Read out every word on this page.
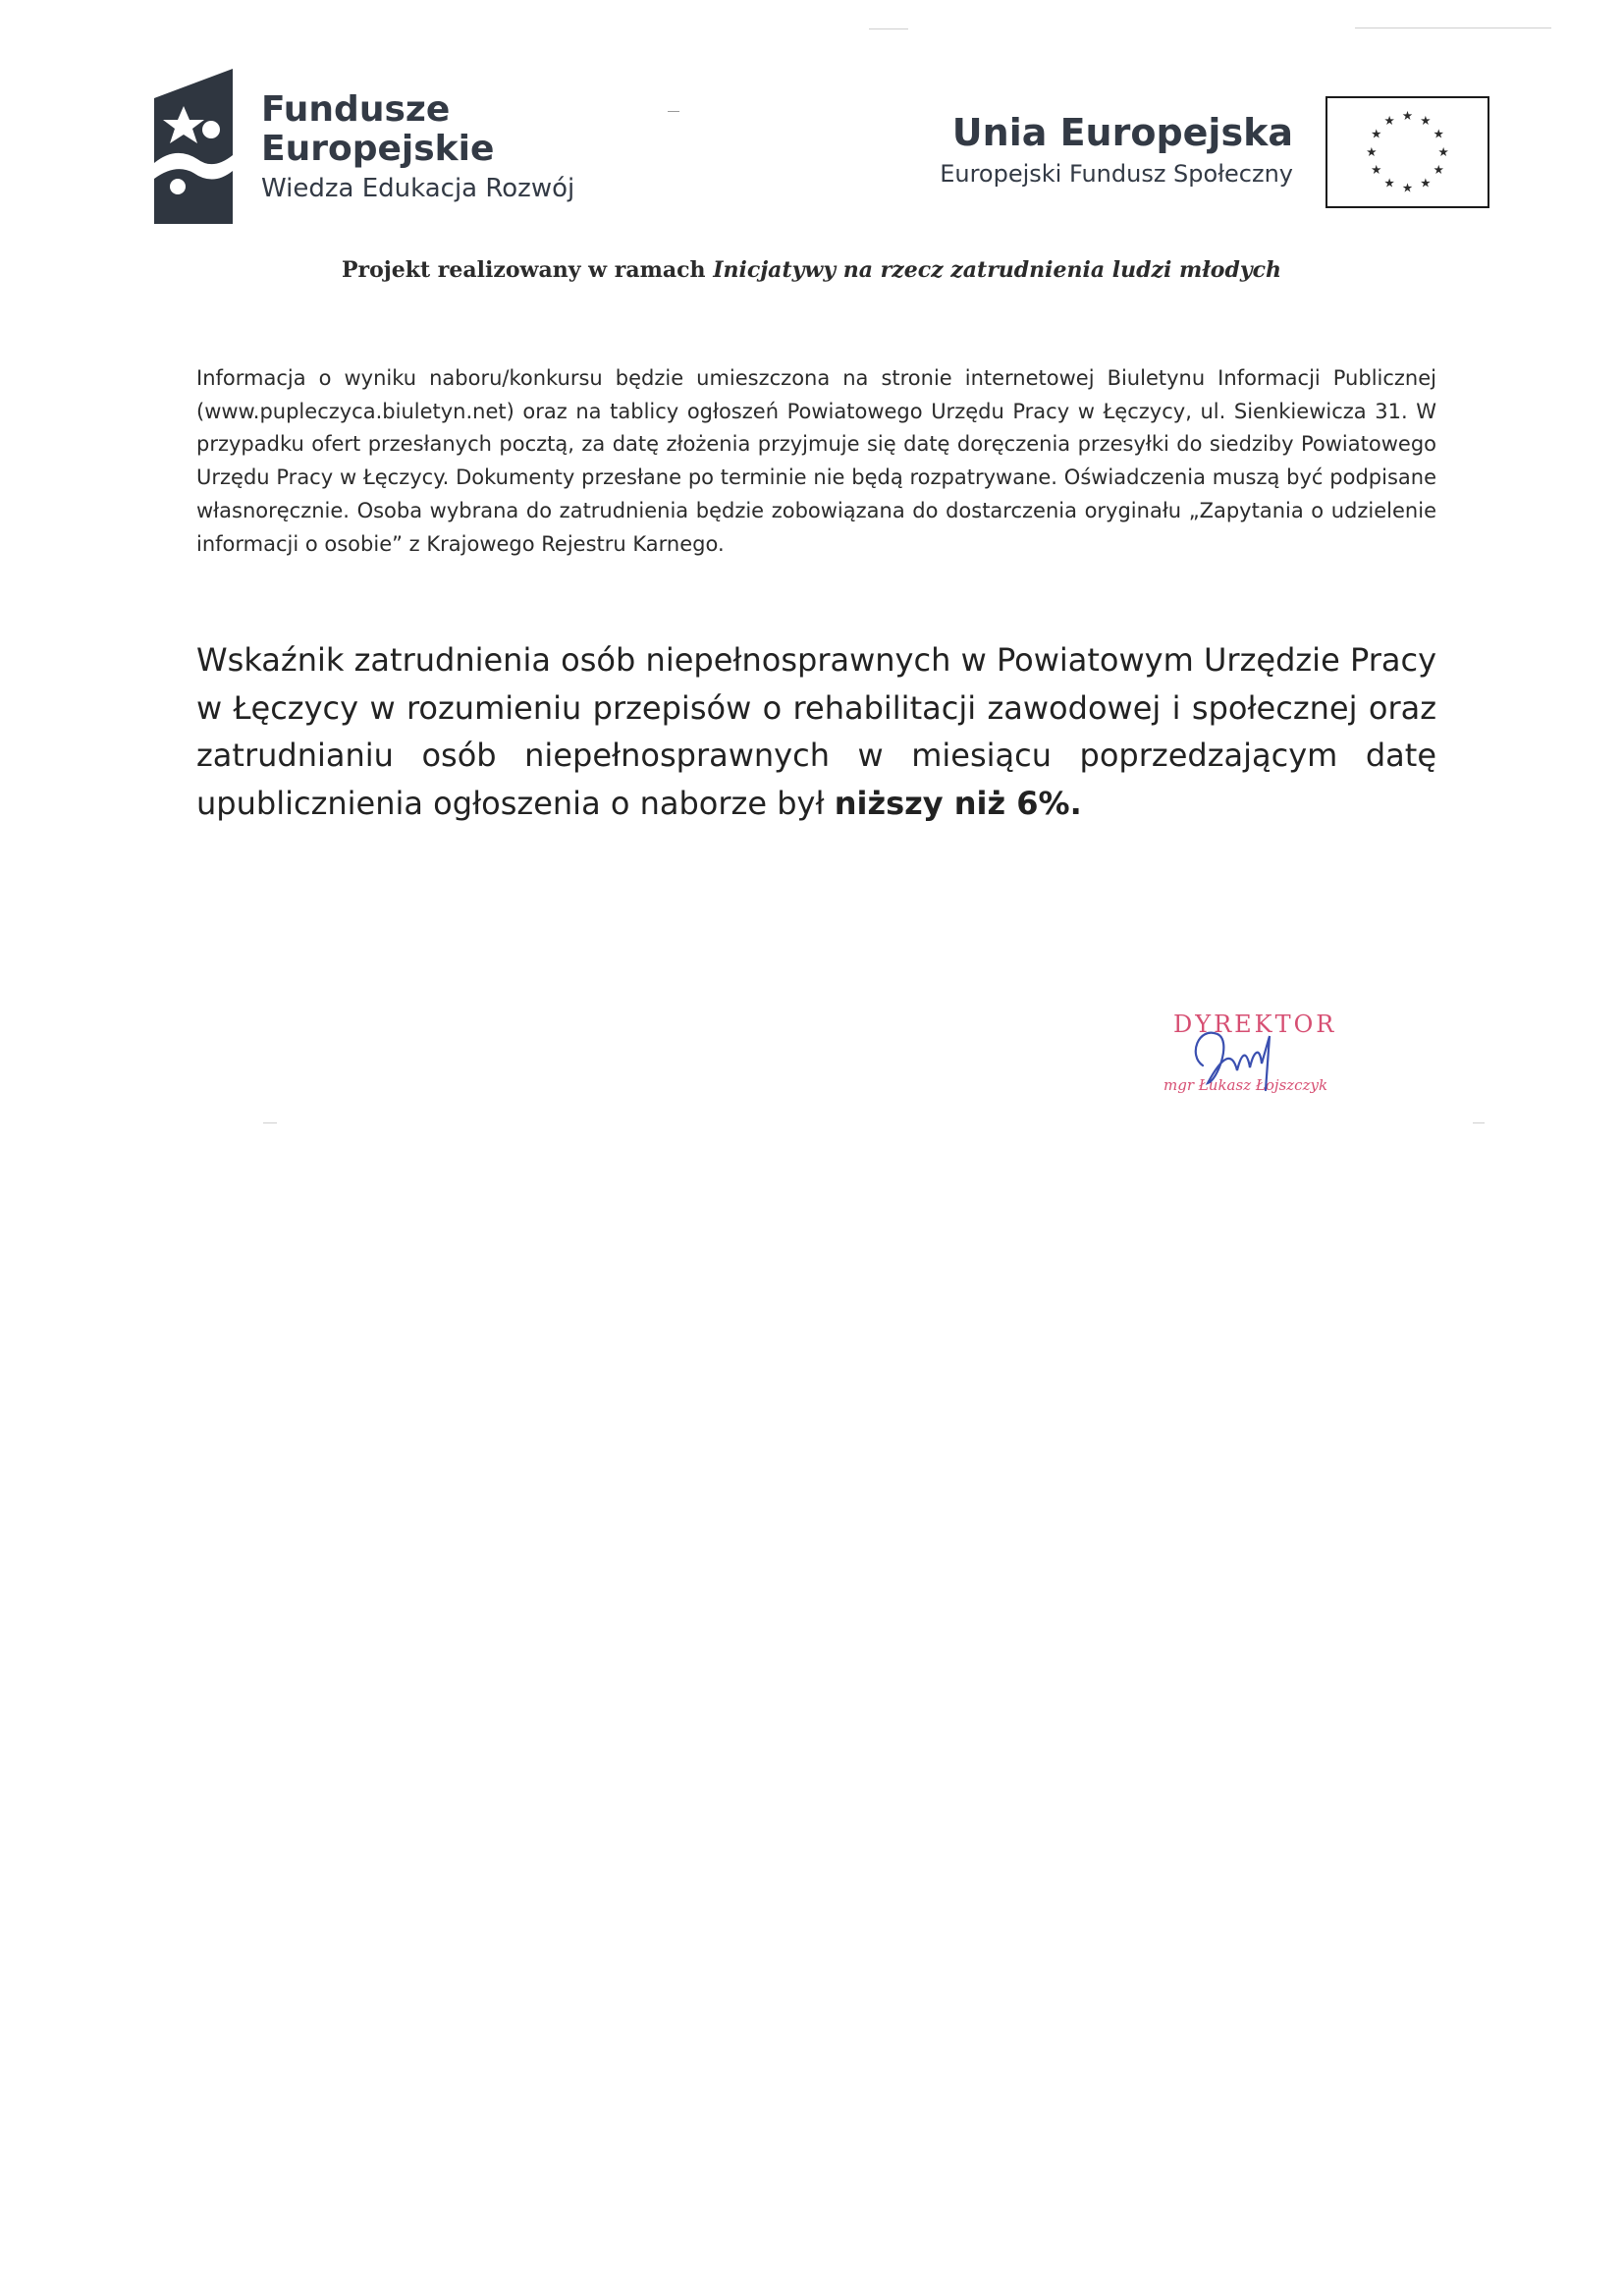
Fundusze
Europejskie
Wiedza Edukacja Rozwój
Unia Europejska
Europejski Fundusz Społeczny
★ ★
★
★
★
★
★
★
★
★
★
★
Projekt realizowany w ramach Inicjatywy na rzecz zatrudnienia ludzi młodych

Informacja o wyniku naboru/konkursu będzie umieszczona na stronie internetowej Biuletynu Informacji Publicznej (www.pupleczyca.biuletyn.net) oraz na tablicy ogłoszeń Powiatowego Urzędu Pracy w Łęczycy, ul. Sienkiewicza 31. W przypadku ofert przesłanych pocztą, za datę złożenia przyjmuje się datę doręczenia przesyłki do siedziby Powiatowego Urzędu Pracy w Łęczycy. Dokumenty przesłane po terminie nie będą rozpatrywane. Oświadczenia muszą być podpisane własnoręcznie. Osoba wybrana do zatrudnienia będzie zobowiązana do dostarczenia oryginału „Zapytania o udzielenie informacji o osobie” z Krajowego Rejestru Karnego.

Wskaźnik zatrudnienia osób niepełnosprawnych w Powiatowym Urzędzie Pracy w Łęczycy w rozumieniu przepisów o rehabilitacji zawodowej i społecznej oraz zatrudnianiu osób niepełnosprawnych w miesiącu poprzedzającym datę upublicznienia ogłoszenia o naborze był niższy niż 6%.

DYREKTOR
mgr Łukasz Łojszczyk
